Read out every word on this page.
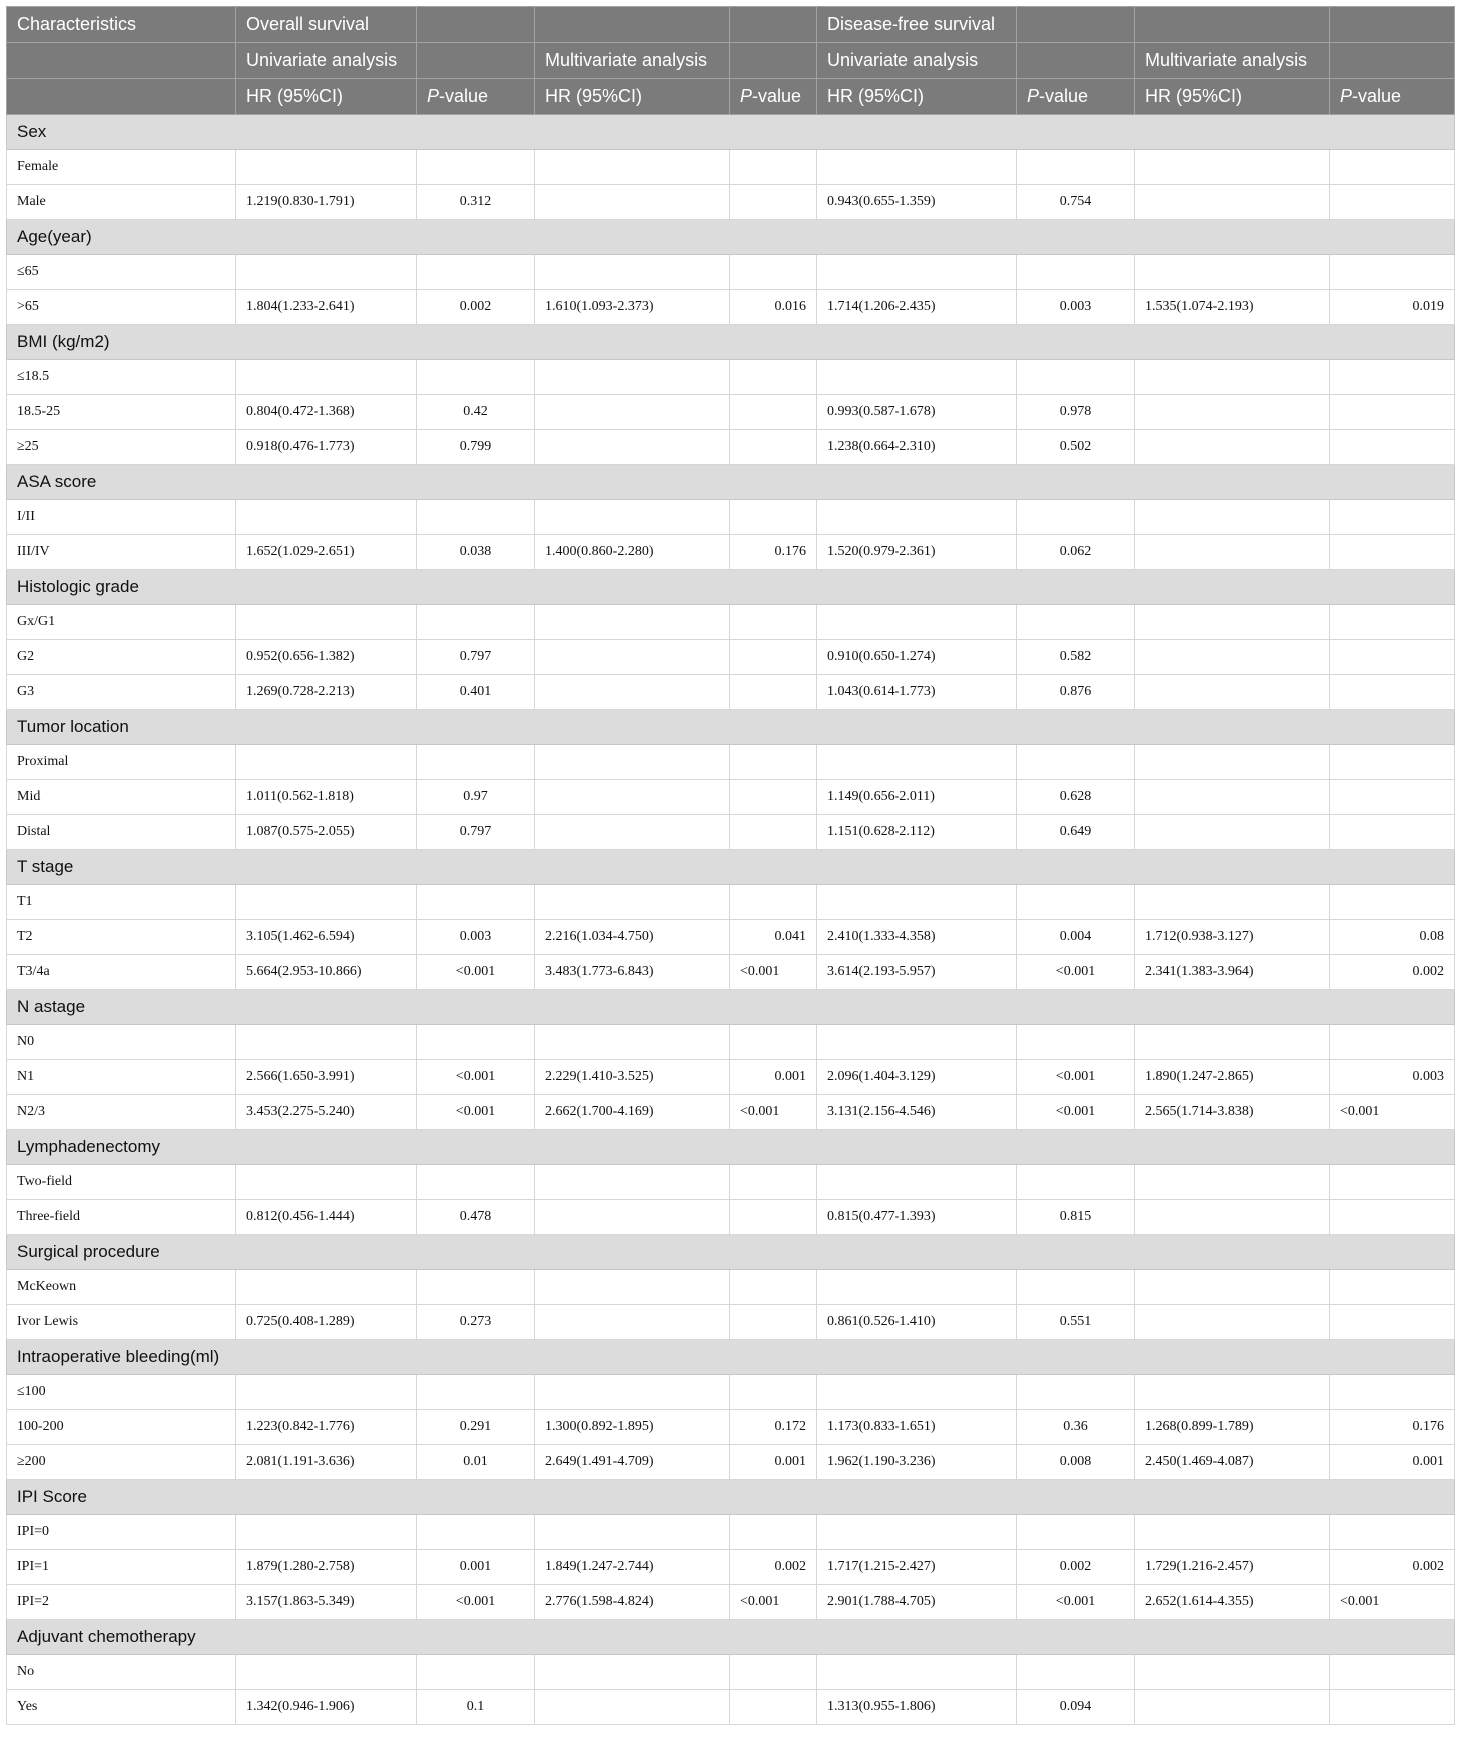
Characteristics	Overall survival				Disease-free survival			
	Univariate analysis		Multivariate analysis		Univariate analysis		Multivariate analysis	
	HR (95%CI)	P-value	HR (95%CI)	P-value	HR (95%CI)	P-value	HR (95%CI)	P-value
Sex								
Female								
Male	1.219(0.830-1.791)	0.312			0.943(0.655-1.359)	0.754		
Age(year)								
≤65								
>65	1.804(1.233-2.641)	0.002	1.610(1.093-2.373)	0.016	1.714(1.206-2.435)	0.003	1.535(1.074-2.193)	0.019
BMI (kg/m2)								
≤18.5								
18.5-25	0.804(0.472-1.368)	0.42			0.993(0.587-1.678)	0.978		
≥25	0.918(0.476-1.773)	0.799			1.238(0.664-2.310)	0.502		
ASA score								
I/II								
III/IV	1.652(1.029-2.651)	0.038	1.400(0.860-2.280)	0.176	1.520(0.979-2.361)	0.062		
Histologic grade								
Gx/G1								
G2	0.952(0.656-1.382)	0.797			0.910(0.650-1.274)	0.582		
G3	1.269(0.728-2.213)	0.401			1.043(0.614-1.773)	0.876		
Tumor location								
Proximal								
Mid	1.011(0.562-1.818)	0.97			1.149(0.656-2.011)	0.628		
Distal	1.087(0.575-2.055)	0.797			1.151(0.628-2.112)	0.649		
T stage								
T1								
T2	3.105(1.462-6.594)	0.003	2.216(1.034-4.750)	0.041	2.410(1.333-4.358)	0.004	1.712(0.938-3.127)	0.08
T3/4a	5.664(2.953-10.866)	<0.001	3.483(1.773-6.843)	<0.001	3.614(2.193-5.957)	<0.001	2.341(1.383-3.964)	0.002
N astage								
N0								
N1	2.566(1.650-3.991)	<0.001	2.229(1.410-3.525)	0.001	2.096(1.404-3.129)	<0.001	1.890(1.247-2.865)	0.003
N2/3	3.453(2.275-5.240)	<0.001	2.662(1.700-4.169)	<0.001	3.131(2.156-4.546)	<0.001	2.565(1.714-3.838)	<0.001
Lymphadenectomy								
Two-field								
Three-field	0.812(0.456-1.444)	0.478			0.815(0.477-1.393)	0.815		
Surgical procedure								
McKeown								
Ivor Lewis	0.725(0.408-1.289)	0.273			0.861(0.526-1.410)	0.551		
Intraoperative bleeding(ml)								
≤100								
100-200	1.223(0.842-1.776)	0.291	1.300(0.892-1.895)	0.172	1.173(0.833-1.651)	0.36	1.268(0.899-1.789)	0.176
≥200	2.081(1.191-3.636)	0.01	2.649(1.491-4.709)	0.001	1.962(1.190-3.236)	0.008	2.450(1.469-4.087)	0.001
IPI Score								
IPI=0								
IPI=1	1.879(1.280-2.758)	0.001	1.849(1.247-2.744)	0.002	1.717(1.215-2.427)	0.002	1.729(1.216-2.457)	0.002
IPI=2	3.157(1.863-5.349)	<0.001	2.776(1.598-4.824)	<0.001	2.901(1.788-4.705)	<0.001	2.652(1.614-4.355)	<0.001
Adjuvant chemotherapy								
No								
Yes	1.342(0.946-1.906)	0.1			1.313(0.955-1.806)	0.094		
